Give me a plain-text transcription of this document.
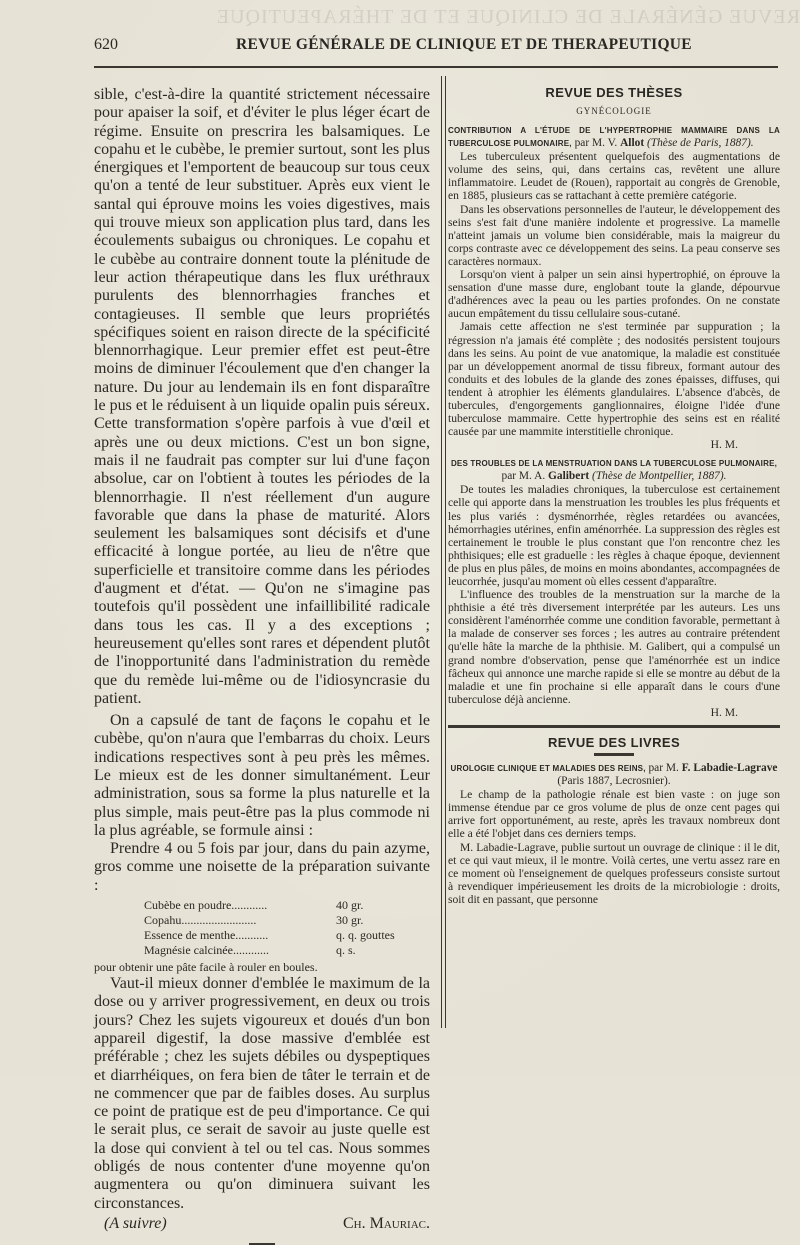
REVUE GÉNÉRALE DE CLINIQUE ET DE THÉRAPEUTIQUE
620	REVUE GÉNÉRALE DE CLINIQUE ET DE THERAPEUTIQUE

sible, c'est-à-dire la quantité strictement nécessaire pour apaiser la soif, et d'éviter le plus léger écart de régime. Ensuite on prescrira les balsamiques. Le copahu et le cubèbe, le premier surtout, sont les plus énergiques et l'emportent de beaucoup sur tous ceux qu'on a tenté de leur substituer. Après eux vient le santal qui éprouve moins les voies digestives, mais qui trouve mieux son application plus tard, dans les écoulements subaigus ou chroniques. Le copahu et le cubèbe au contraire donnent toute la plénitude de leur action thérapeutique dans les flux uréthraux purulents des blennorrhagies franches et contagieuses. Il semble que leurs propriétés spécifiques soient en raison directe de la spécificité blennorrhagique. Leur premier effet est peut-être moins de diminuer l'écoulement que d'en changer la nature. Du jour au lendemain ils en font disparaître le pus et le réduisent à un liquide opalin puis séreux. Cette transformation s'opère parfois à vue d'œil et après une ou deux mictions. C'est un bon signe, mais il ne faudrait pas compter sur lui d'une façon absolue, car on l'obtient à toutes les périodes de la blennorrhagie. Il n'est réellement d'un augure favorable que dans la phase de maturité. Alors seulement les balsamiques sont décisifs et d'une efficacité à longue portée, au lieu de n'être que superficielle et transitoire comme dans les périodes d'augment et d'état. — Qu'on ne s'imagine pas toutefois qu'il possèdent une infaillibilité radicale dans tous les cas. Il y a des exceptions ; heureusement qu'elles sont rares et dépendent plutôt de l'inopportunité dans l'administration du remède que du remède lui-même ou de l'idiosyncrasie du patient.

On a capsulé de tant de façons le copahu et le cubèbe, qu'on n'aura que l'embarras du choix. Leurs indications respectives sont à peu près les mêmes. Le mieux est de les donner simultanément. Leur administration, sous sa forme la plus naturelle et la plus simple, mais peut-être pas la plus commode ni la plus agréable, se formule ainsi :

Prendre 4 ou 5 fois par jour, dans du pain azyme, gros comme une noisette de la préparation suivante :

Cubèbe en poudre............	40 gr.
Copahu.........................	30 gr.
Essence de menthe...........	q. q. gouttes
Magnésie calcinée............	q. s.

pour obtenir une pâte facile à rouler en boules.

Vaut-il mieux donner d'emblée le maximum de la dose ou y arriver progressivement, en deux ou trois jours? Chez les sujets vigoureux et doués d'un bon appareil digestif, la dose massive d'emblée est préférable ; chez les sujets débiles ou dyspeptiques et diarrhéiques, on fera bien de tâter le terrain et de ne commencer que par de faibles doses. Au surplus ce point de pratique est de peu d'importance. Ce qui le serait plus, ce serait de savoir au juste quelle est la dose qui convient à tel ou tel cas. Nous sommes obligés de nous contenter d'une moyenne qu'on augmentera ou qu'on diminuera suivant les circonstances.

(A suivre)	Ch. Mauriac.
REVUE DES THÈSES
GYNÉCOLOGIE

CONTRIBUTION A L'ÉTUDE DE L'HYPERTROPHIE MAMMAIRE DANS LA TUBERCULOSE PULMONAIRE, par M. V. Allot (Thèse de Paris, 1887).

Les tuberculeux présentent quelquefois des augmentations de volume des seins, qui, dans certains cas, revêtent une allure inflammatoire. Leudet de (Rouen), rapportait au congrès de Grenoble, en 1885, plusieurs cas se rattachant à cette première catégorie.

Dans les observations personnelles de l'auteur, le développement des seins s'est fait d'une manière indolente et progressive. La mamelle n'atteint jamais un volume bien considérable, mais la maigreur du corps contraste avec ce développement des seins. La peau conserve ses caractères normaux.

Lorsqu'on vient à palper un sein ainsi hypertrophié, on éprouve la sensation d'une masse dure, englobant toute la glande, dépourvue d'adhérences avec la peau ou les parties profondes. On ne constate aucun empâtement du tissu cellulaire sous-cutané.

Jamais cette affection ne s'est terminée par suppuration ; la régression n'a jamais été complète ; des nodosités persistent toujours dans les seins. Au point de vue anatomique, la maladie est constituée par un développement anormal de tissu fibreux, formant autour des conduits et des lobules de la glande des zones épaisses, diffuses, qui tendent à atrophier les éléments glandulaires. L'absence d'abcès, de tubercules, d'engorgements ganglionnaires, éloigne l'idée d'une tuberculose mammaire. Cette hypertrophie des seins est en réalité causée par une mammite interstitielle chronique.

H. M.

DES TROUBLES DE LA MENSTRUATION DANS LA TUBERCULOSE PULMONAIRE, par M. A. Galibert (Thèse de Montpellier, 1887).

De toutes les maladies chroniques, la tuberculose est certainement celle qui apporte dans la menstruation les troubles les plus fréquents et les plus variés : dysménorrhée, règles retardées ou avancées, hémorrhagies utérines, enfin aménorrhée. La suppression des règles est certainement le trouble le plus constant que l'on rencontre chez les phthisiques; elle est graduelle : les règles à chaque époque, deviennent de plus en plus pâles, de moins en moins abondantes, accompagnées de leucorrhée, jusqu'au moment où elles cessent d'apparaître.

L'influence des troubles de la menstruation sur la marche de la phthisie a été très diversement interprétée par les auteurs. Les uns considèrent l'aménorrhée comme une condition favorable, permettant à la malade de conserver ses forces ; les autres au contraire prétendent qu'elle hâte la marche de la phthisie. M. Galibert, qui a compulsé un grand nombre d'observation, pense que l'aménorrhée est un indice fâcheux qui annonce une marche rapide si elle se montre au début de la maladie et une fin prochaine si elle apparaît dans le cours d'une tuberculose déjà ancienne.

H. M.

REVUE DES LIVRES

UROLOGIE CLINIQUE ET MALADIES DES REINS, par M. F. Labadie-Lagrave (Paris 1887, Lecrosnier).

Le champ de la pathologie rénale est bien vaste : on juge son immense étendue par ce gros volume de plus de onze cent pages qui arrive fort opportunément, au reste, après les travaux nombreux dont elle a été l'objet dans ces derniers temps.

M. Labadie-Lagrave, publie surtout un ouvrage de clinique : il le dit, et ce qui vaut mieux, il le montre. Voilà certes, une vertu assez rare en ce moment où l'enseignement de quelques professeurs consiste surtout à revendiquer impérieusement les droits de la microbiologie : droits, soit dit en passant, que personne
